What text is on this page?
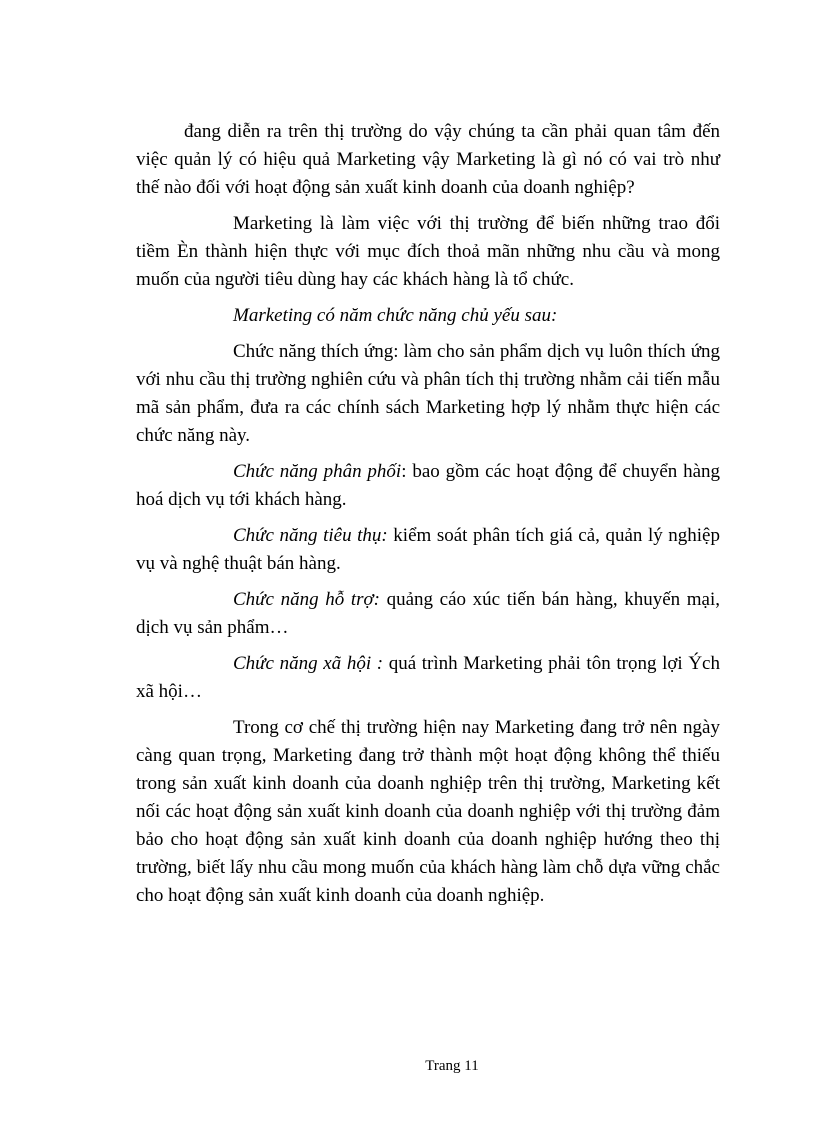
đang diễn ra trên thị trường do vậy chúng ta cần phải quan tâm đến việc quản lý có hiệu quả Marketing vậy Marketing là gì nó có vai trò như thế nào đối với hoạt động sản xuất kinh doanh của doanh nghiệp?

Marketing là làm việc với thị trường để biến những trao đổi tiềm Èn thành hiện thực với mục đích thoả mãn những nhu cầu và mong muốn của người tiêu dùng hay các khách hàng là tổ chức.

Marketing có năm chức năng chủ yếu sau:

Chức năng thích ứng: làm cho sản phẩm dịch vụ luôn thích ứng với nhu cầu thị trường nghiên cứu và phân tích thị trường nhằm cải tiến mẫu mã sản phẩm, đưa ra các chính sách Marketing hợp lý nhằm thực hiện các chức năng này.

Chức năng phân phối: bao gồm các hoạt động để chuyển hàng hoá dịch vụ tới khách hàng.

Chức năng tiêu thụ: kiểm soát phân tích giá cả, quản lý nghiệp vụ và nghệ thuật bán hàng.

Chức năng hỗ trợ: quảng cáo xúc tiến bán hàng, khuyến mại, dịch vụ sản phẩm…

Chức năng xã hội : quá trình Marketing phải tôn trọng lợi Ých xã hội…

Trong cơ chế thị trường hiện nay Marketing đang trở nên ngày càng quan trọng, Marketing đang trở thành một hoạt động không thể thiếu trong sản xuất kinh doanh của doanh nghiệp trên thị trường, Marketing kết nối các hoạt động sản xuất kinh doanh của doanh nghiệp với thị trường đảm bảo cho hoạt động sản xuất kinh doanh của doanh nghiệp hướng theo thị trường, biết lấy nhu cầu mong muốn của khách hàng làm chỗ dựa vững chắc cho hoạt động sản xuất kinh doanh của doanh nghiệp.

Trang 11
